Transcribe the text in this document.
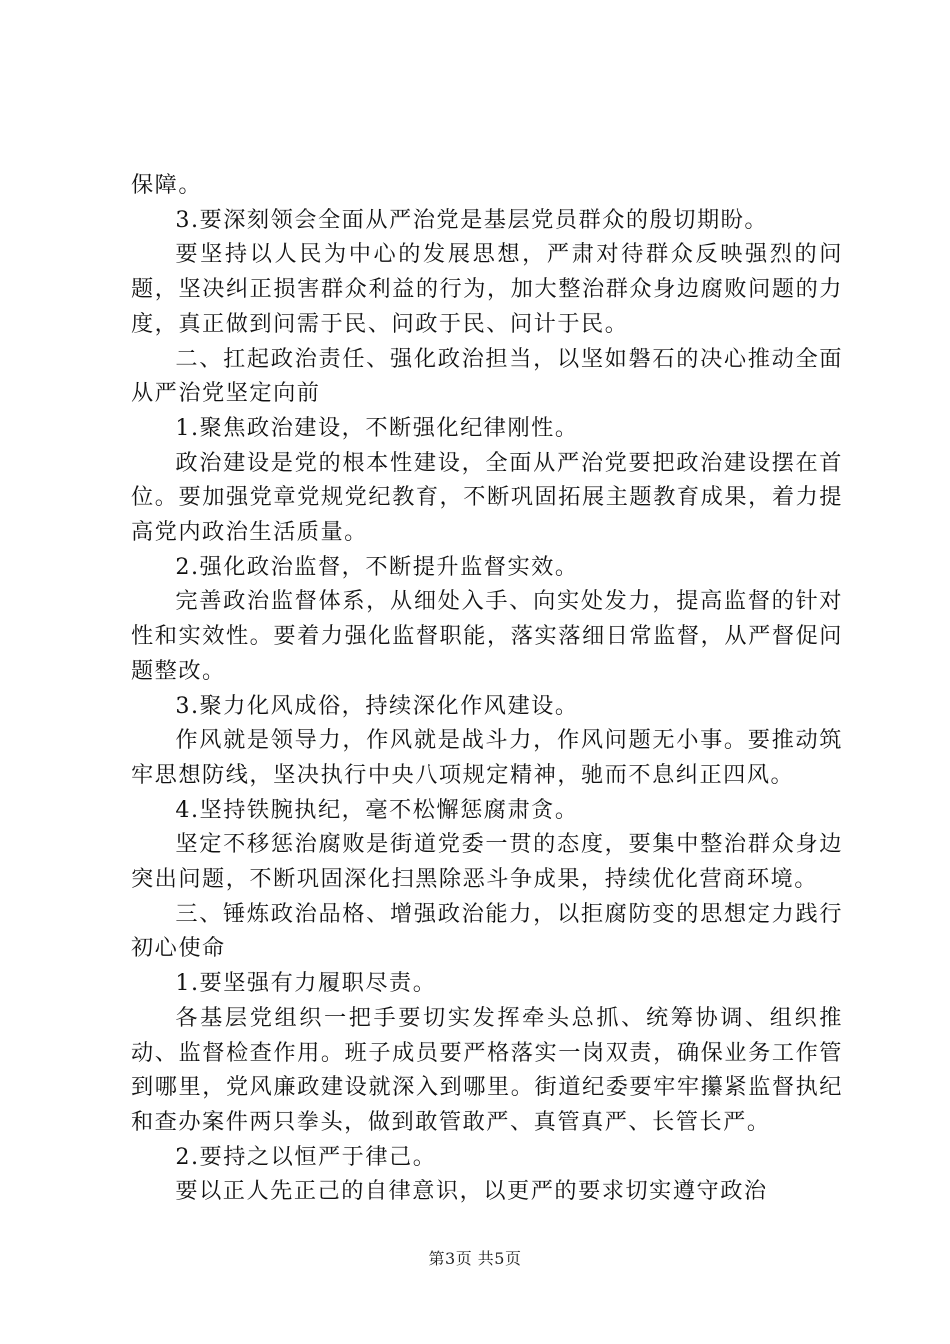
保障。

3.要深刻领会全面从严治党是基层党员群众的殷切期盼。

要坚持以人民为中心的发展思想，严肃对待群众反映强烈的问题，坚决纠正损害群众利益的行为，加大整治群众身边腐败问题的力度，真正做到问需于民、问政于民、问计于民。

二、扛起政治责任、强化政治担当，以坚如磐石的决心推动全面从严治党坚定向前

1.聚焦政治建设，不断强化纪律刚性。

政治建设是党的根本性建设，全面从严治党要把政治建设摆在首位。要加强党章党规党纪教育，不断巩固拓展主题教育成果，着力提高党内政治生活质量。

2.强化政治监督，不断提升监督实效。

完善政治监督体系，从细处入手、向实处发力，提高监督的针对性和实效性。要着力强化监督职能，落实落细日常监督，从严督促问题整改。

3.聚力化风成俗，持续深化作风建设。

作风就是领导力，作风就是战斗力，作风问题无小事。要推动筑牢思想防线，坚决执行中央八项规定精神，驰而不息纠正四风。

4.坚持铁腕执纪，毫不松懈惩腐肃贪。

坚定不移惩治腐败是街道党委一贯的态度，要集中整治群众身边突出问题，不断巩固深化扫黑除恶斗争成果，持续优化营商环境。

三、锤炼政治品格、增强政治能力，以拒腐防变的思想定力践行初心使命

1.要坚强有力履职尽责。

各基层党组织一把手要切实发挥牵头总抓、统筹协调、组织推动、监督检查作用。班子成员要严格落实一岗双责，确保业务工作管到哪里，党风廉政建设就深入到哪里。街道纪委要牢牢攥紧监督执纪和查办案件两只拳头，做到敢管敢严、真管真严、长管长严。

2.要持之以恒严于律己。

要以正人先正己的自律意识，以更严的要求切实遵守政治

第3页 共5页
